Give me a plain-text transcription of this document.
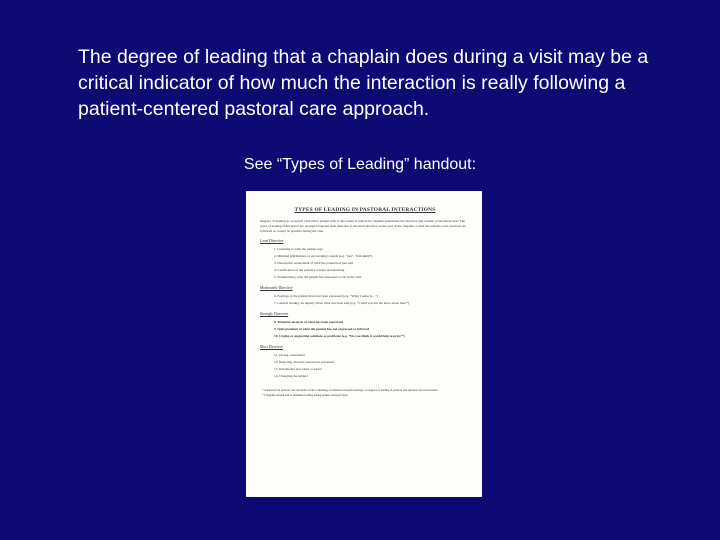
The degree of leading that a chaplain does during a visit may be a critical indicator of how much the interaction is really following a patient-centered pastoral care approach.
See “Types of Leading” handout:
TYPES OF LEADING IN PASTORAL INTERACTIONS
Degrees of leading in a pastoral visit with a patient refer to the extent to which the chaplain determines the direction and content of the interaction. The types of leading listed below are arranged from the least directive to the most directive on the part of the chaplain, so that the patient's own concerns are followed as closely as possible during the visit.
Least Directive
1. Listening to what the patient says
2. Minimal affirmations or encouraging sounds (e.g. “yes”, “mm-hmm”)
3. Descriptive restatement of what the patient has just said
4. Clarification of the patient's content and meaning
5. Summarizing what the patient has expressed so far in the visit
Moderately Directive
6. Feelings of the patient that have been expressed (e.g. “What I sense is…”)
7. General leading: an inquiry about what has been said (e.g. “Could you tell me more about that?”)
Strongly Directive
8. Tentative analysis of what has been expressed
9. Interpretation of what the patient has not expressed or inferred
10. Urging or suggesting solutions to problems (e.g. “Do you think it would help to pray?”)
Most Directive
11. Giving reassurance
12. Rejecting what the patient has expressed
13. Introducing new ideas or topics
14. Changing the subject
* Adapted from pastoral care literature on the counseling of patients in hospital settings, on degrees of leading in pastoral and spiritual care interactions.
* Chaplains should aim to minimize leading during patient-centered visits.
